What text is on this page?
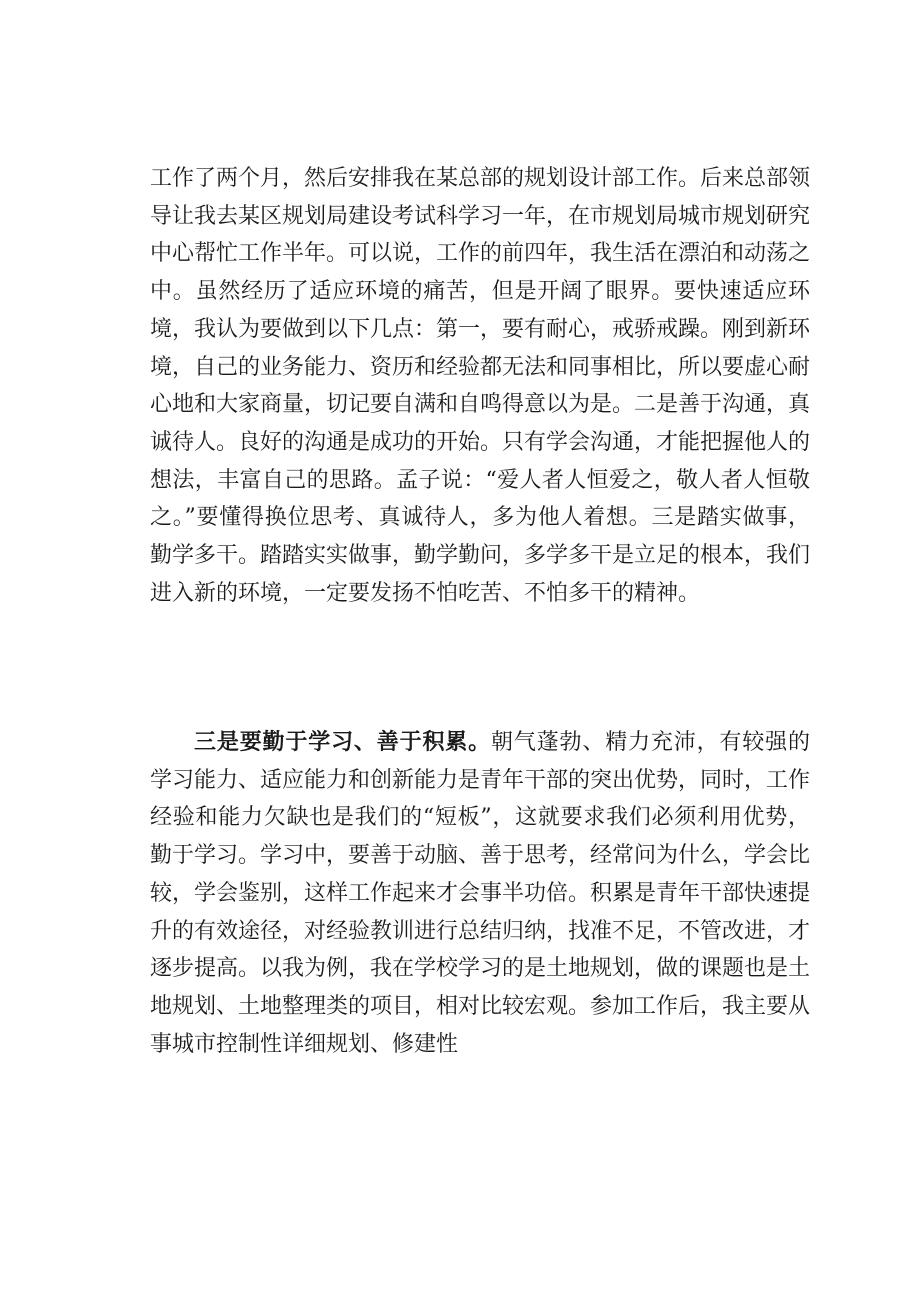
工作了两个月，然后安排我在某总部的规划设计部工作。后来总部领导让我去某区规划局建设考试科学习一年，在市规划局城市规划研究中心帮忙工作半年。可以说，工作的前四年，我生活在漂泊和动荡之中。虽然经历了适应环境的痛苦，但是开阔了眼界。要快速适应环境，我认为要做到以下几点：第一，要有耐心，戒骄戒躁。刚到新环境，自己的业务能力、资历和经验都无法和同事相比，所以要虚心耐心地和大家商量，切记要自满和自鸣得意以为是。二是善于沟通，真诚待人。良好的沟通是成功的开始。只有学会沟通，才能把握他人的想法，丰富自己的思路。孟子说：“爱人者人恒爱之，敬人者人恒敬之。”要懂得换位思考、真诚待人，多为他人着想。三是踏实做事，勤学多干。踏踏实实做事，勤学勤问，多学多干是立足的根本，我们进入新的环境，一定要发扬不怕吃苦、不怕多干的精神。

三是要勤于学习、善于积累。朝气蓬勃、精力充沛，有较强的学习能力、适应能力和创新能力是青年干部的突出优势，同时，工作经验和能力欠缺也是我们的“短板”，这就要求我们必须利用优势，勤于学习。学习中，要善于动脑、善于思考，经常问为什么，学会比较，学会鉴别，这样工作起来才会事半功倍。积累是青年干部快速提升的有效途径，对经验教训进行总结归纳，找准不足，不管改进，才逐步提高。以我为例，我在学校学习的是土地规划，做的课题也是土地规划、土地整理类的项目，相对比较宏观。参加工作后，我主要从事城市控制性详细规划、修建性
